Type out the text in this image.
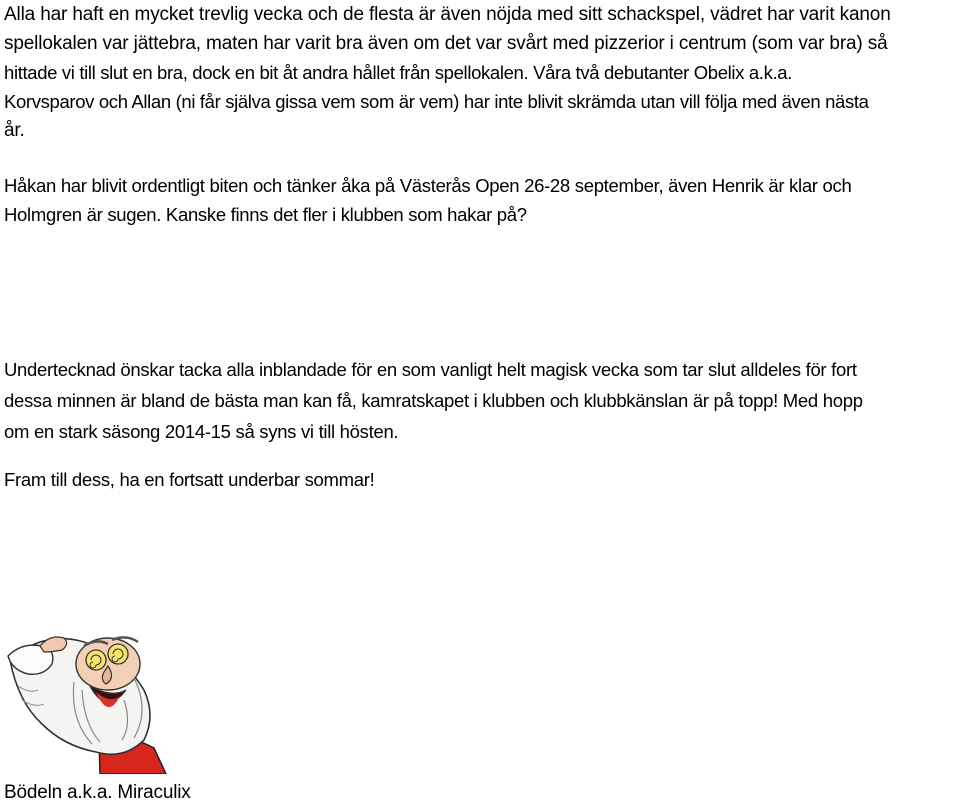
Alla har haft en mycket trevlig vecka och de flesta är även nöjda med sitt schackspel, vädret har varit kanon
spellokalen var jättebra, maten har varit bra även om det var svårt med pizzerior i centrum (som var bra) så
hittade vi till slut en bra, dock en bit åt andra hållet från spellokalen. Våra två debutanter Obelix a.k.a.
Korvsparov och Allan (ni får själva gissa vem som är vem) har inte blivit skrämda utan vill följa med även nästa
år.

Håkan har blivit ordentligt biten och tänker åka på Västerås Open 26-28 september, även Henrik är klar och
Holmgren är sugen. Kanske finns det fler i klubben som hakar på?

Undertecknad önskar tacka alla inblandade för en som vanligt helt magisk vecka som tar slut alldeles för fort
dessa minnen är bland de bästa man kan få, kamratskapet i klubben och klubbkänslan är på topp! Med hopp
om en stark säsong 2014-15 så syns vi till hösten.

Fram till dess, ha en fortsatt underbar sommar!

Bödeln a.k.a. Miraculix
